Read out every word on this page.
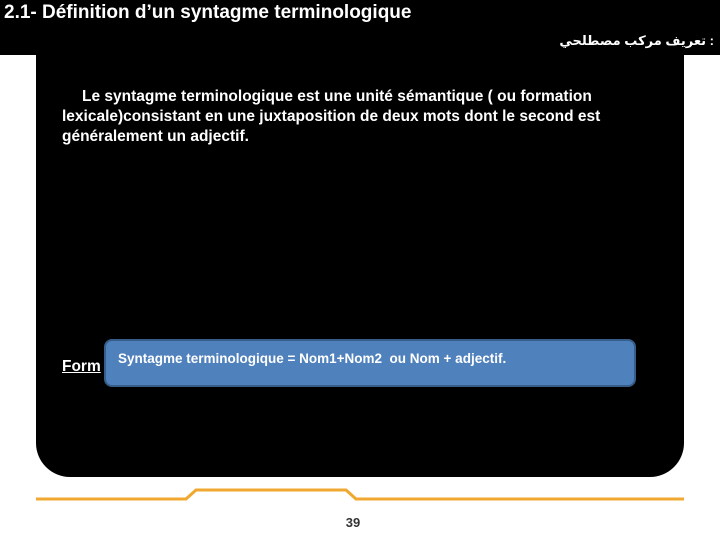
2.1- Définition d’un syntagme terminologique
: تعريف مركب مصطلحي
Le syntagme terminologique est une unité sémantique ( ou formation lexicale)consistant en une juxtaposition de deux mots dont le second est généralement un adjectif.
Form Syntagme terminologique = Nom1+Nom2  ou Nom + adjectif.
39
